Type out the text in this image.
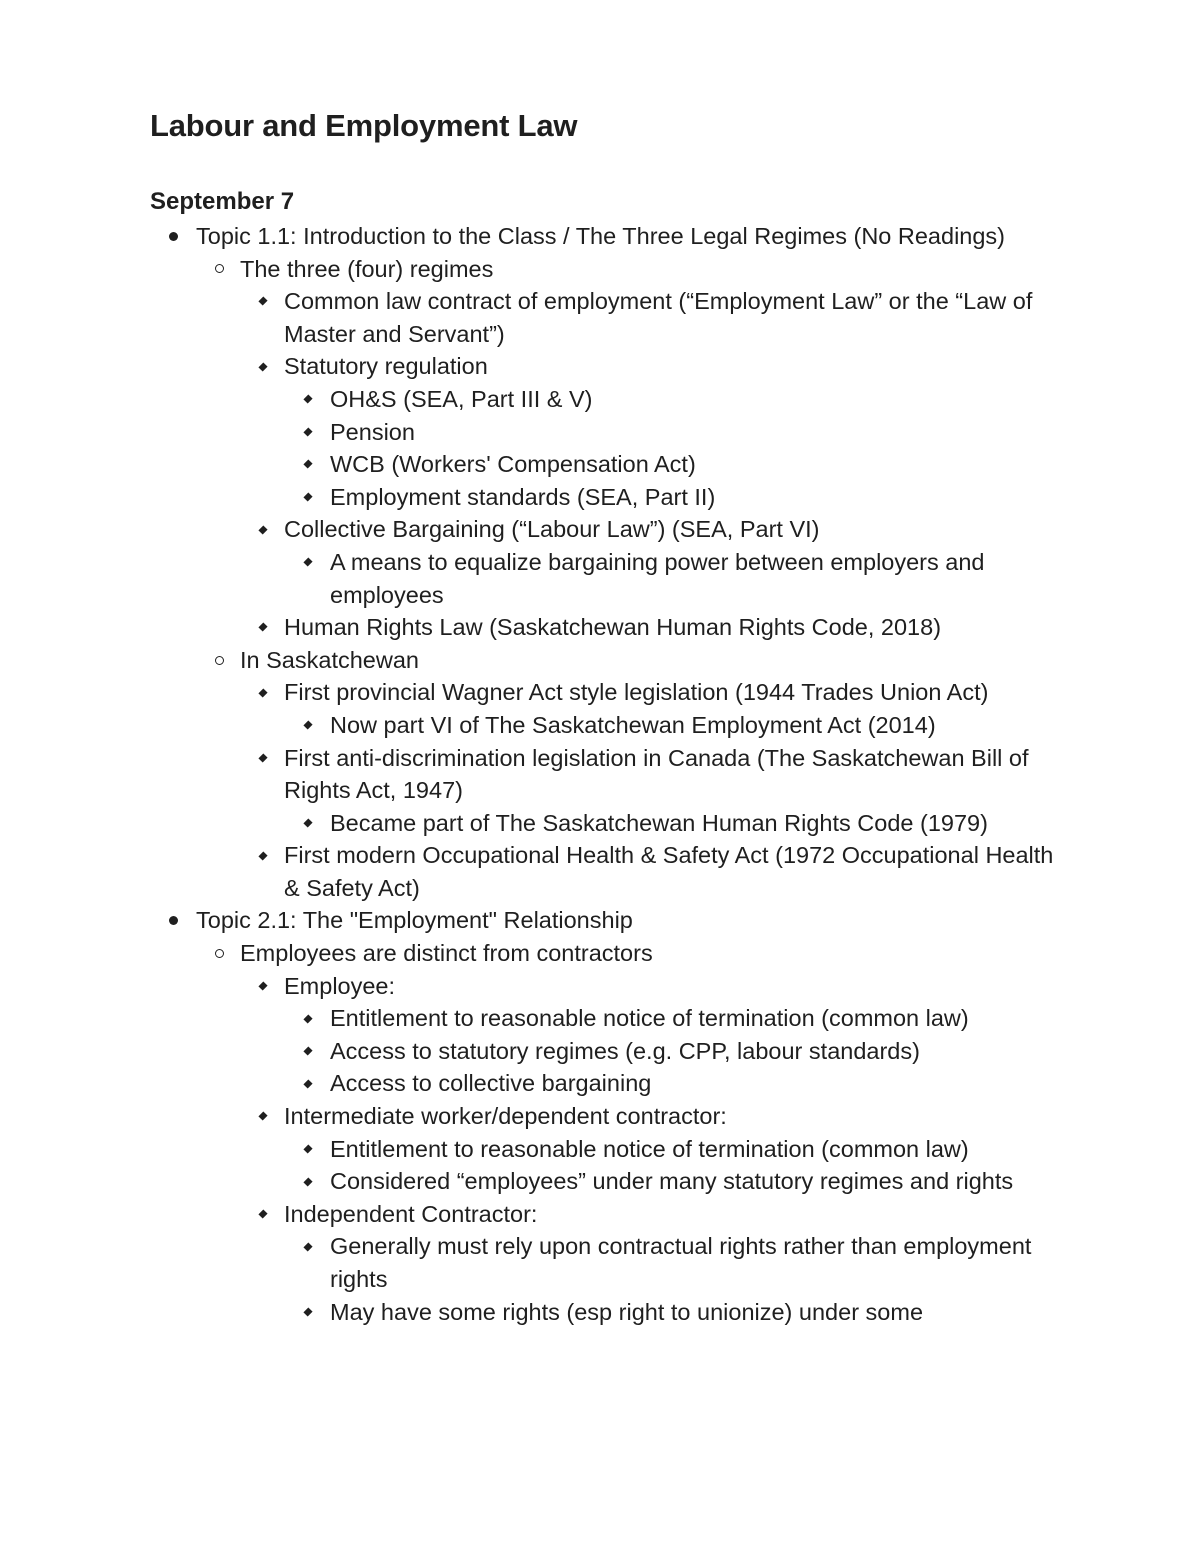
Labour and Employment Law
September 7
Topic 1.1: Introduction to the Class / The Three Legal Regimes (No Readings)
The three (four) regimes
Common law contract of employment (“Employment Law” or the “Law of Master and Servant”)
Statutory regulation
OH&S (SEA, Part III & V)
Pension
WCB (Workers' Compensation Act)
Employment standards (SEA, Part II)
Collective Bargaining (“Labour Law”) (SEA, Part VI)
A means to equalize bargaining power between employers and employees
Human Rights Law (Saskatchewan Human Rights Code, 2018)
In Saskatchewan
First provincial Wagner Act style legislation (1944 Trades Union Act)
Now part VI of The Saskatchewan Employment Act (2014)
First anti-discrimination legislation in Canada (The Saskatchewan Bill of Rights Act, 1947)
Became part of The Saskatchewan Human Rights Code (1979)
First modern Occupational Health & Safety Act (1972 Occupational Health & Safety Act)
Topic 2.1: The "Employment" Relationship
Employees are distinct from contractors
Employee:
Entitlement to reasonable notice of termination (common law)
Access to statutory regimes (e.g. CPP, labour standards)
Access to collective bargaining
Intermediate worker/dependent contractor:
Entitlement to reasonable notice of termination (common law)
Considered “employees” under many statutory regimes and rights
Independent Contractor:
Generally must rely upon contractual rights rather than employment rights
May have some rights (esp right to unionize) under some
